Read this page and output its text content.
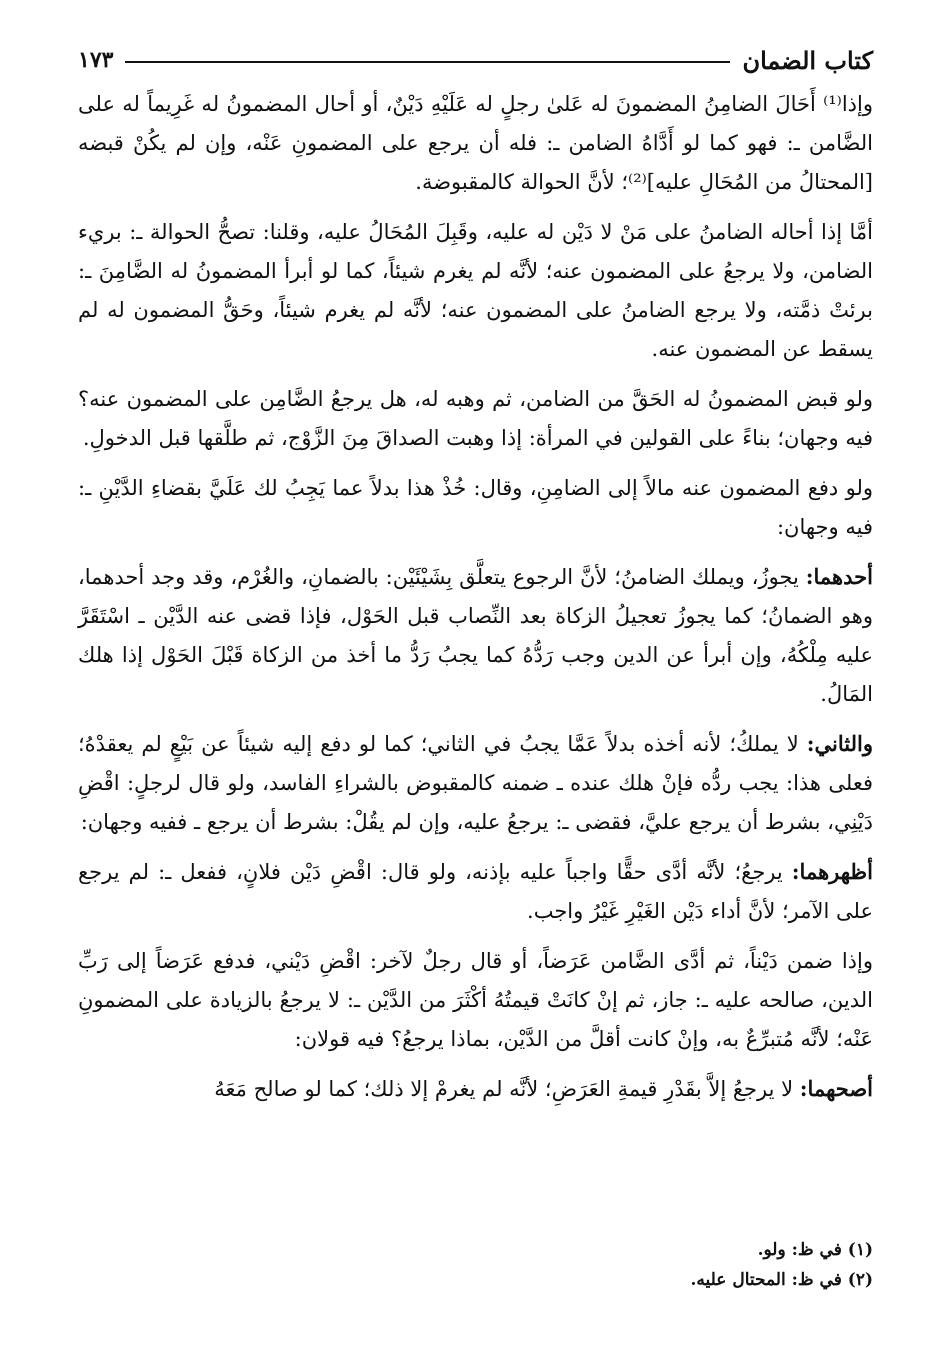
كتاب الضمان
١٧٣

وإذا⁽¹⁾ أَحَالَ الضامِنُ المضمونَ له عَلىٰ رجلٍ له عَلَيْهِ دَيْنٌ، أو أحال المضمونُ له غَرِيماً له على الضَّامن ـ: فهو كما لو أَدَّاهُ الضامن ـ: فله أن يرجع على المضمونِ عَنْه، وإن لم يكُنْ قبضه [المحتالُ من المُحَالِ عليه]⁽²⁾؛ لأنَّ الحوالة كالمقبوضة.

أمَّا إذا أحاله الضامنُ على مَنْ لا دَيْن له عليه، وقَبِلَ المُحَالُ عليه، وقلنا: تصحُّ الحوالة ـ: بريء الضامن، ولا يرجعُ على المضمون عنه؛ لأنَّه لم يغرم شيئاً، كما لو أبرأ المضمونُ له الضَّامِنَ ـ: برئتْ ذمَّته، ولا يرجع الضامنُ على المضمون عنه؛ لأنَّه لم يغرم شيئاً، وحَقُّ المضمون له لم يسقط عن المضمون عنه.

ولو قبض المضمونُ له الحَقَّ من الضامن، ثم وهبه له، هل يرجعُ الضَّامِن على المضمون عنه؟ فيه وجهان؛ بناءً على القولين في المرأة: إذا وهبت الصداقَ مِنَ الزَّوْج، ثم طلَّقها قبل الدخولِ.

ولو دفع المضمون عنه مالاً إلى الضامِنِ، وقال: خُذْ هذا بدلاً عما يَجِبُ لك عَلَيَّ بقضاءِ الدَّيْنِ ـ: فيه وجهان:

أحدهما: يجوزُ، ويملك الضامنُ؛ لأنَّ الرجوع يتعلَّق بِشَيْئَيْن: بالضمانِ، والغُرْم، وقد وجد أحدهما، وهو الضمانُ؛ كما يجوزُ تعجيلُ الزكاة بعد النِّصاب قبل الحَوْل، فإذا قضى عنه الدَّيْن ـ اسْتَقَرَّ عليه مِلْكُهُ، وإن أبرأ عن الدين وجب رَدُّهُ كما يجبُ رَدُّ ما أخذ من الزكاة قَبْلَ الحَوْل إذا هلك المَالُ.

والثاني: لا يملكُ؛ لأنه أخذه بدلاً عَمَّا يجبُ في الثاني؛ كما لو دفع إليه شيئاً عن بَيْعٍ لم يعقدْهُ؛ فعلى هذا: يجب ردُّه فإنْ هلك عنده ـ ضمنه كالمقبوض بالشراءِ الفاسد، ولو قال لرجلٍ: اقْضِ دَيْنِي، بشرط أن يرجع عليَّ، فقضى ـ: يرجعُ عليه، وإن لم يقُلْ: بشرط أن يرجع ـ ففيه وجهان:

أظهرهما: يرجعُ؛ لأنَّه أدَّى حقًّا واجباً عليه بإذنه، ولو قال: اقْضِ دَيْن فلانٍ، ففعل ـ: لم يرجع على الآمر؛ لأنَّ أداء دَيْن الغَيْرِ غَيْرُ واجب.

وإذا ضمن دَيْناً، ثم أدَّى الضَّامن عَرَضاً، أو قال رجلٌ لآخر: اقْضِ دَيْني، فدفع عَرَضاً إلى رَبِّ الدين، صالحه عليه ـ: جاز، ثم إنْ كانَتْ قيمتُهُ أكْثَرَ من الدَّيْن ـ: لا يرجعُ بالزيادة على المضمونِ عَنْه؛ لأنَّه مُتبرِّعٌ به، وإنْ كانت أقلَّ من الدَّيْن، بماذا يرجعُ؟ فيه قولان:

أصحهما: لا يرجعُ إلاَّ بقَدْرِ قيمةِ العَرَضِ؛ لأنَّه لم يغرمْ إلا ذلك؛ كما لو صالح مَعَهُ

(١) في ظ: ولو.
(٢) في ظ: المحتال عليه.
